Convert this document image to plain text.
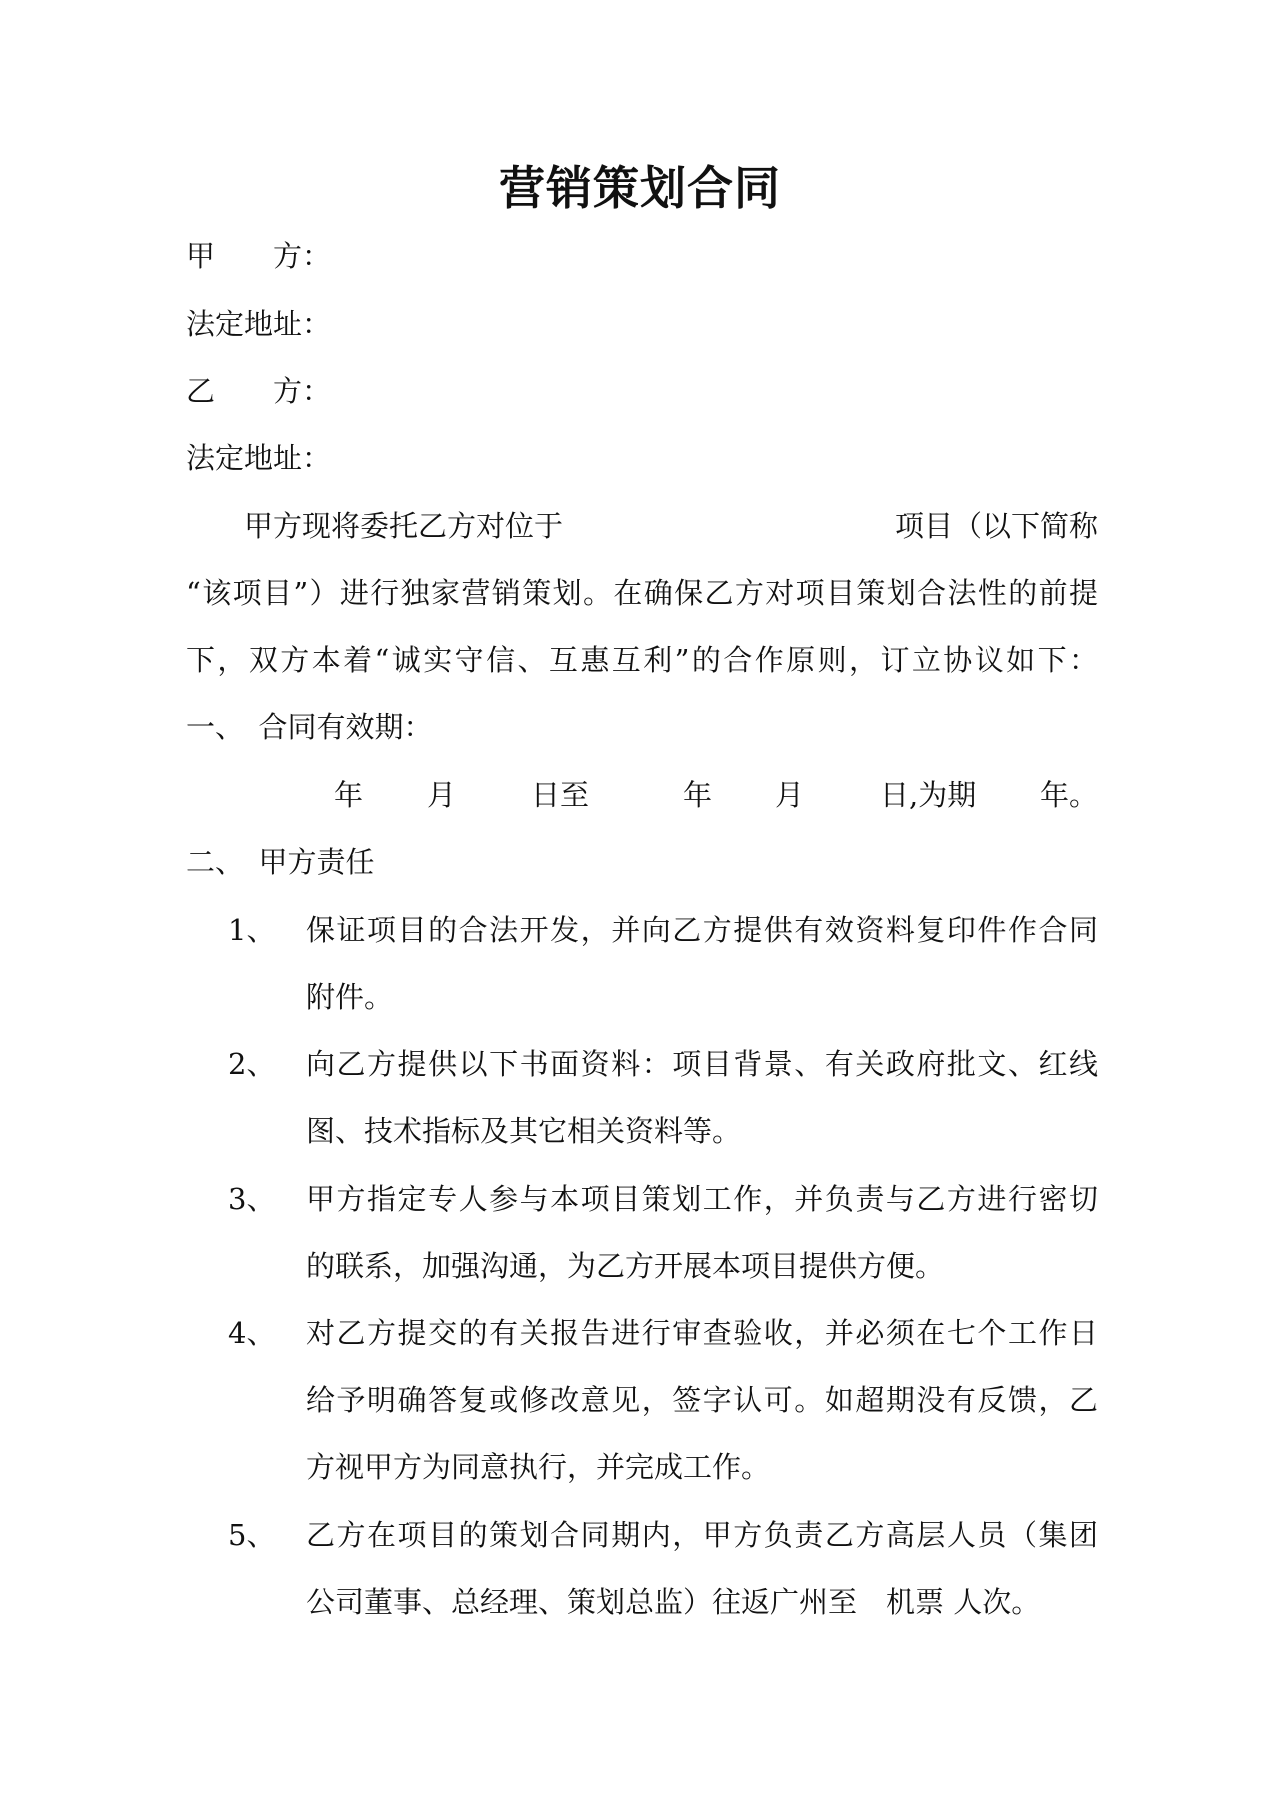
营销策划合同
甲　　方：
法定地址：
乙　　方：
法定地址：
　　甲方现将委托乙方对位于	项目（以下简称
“该项目”）进行独家营销策划。在确保乙方对项目策划合法性的前提
下，双方本着“诚实守信、互惠互利”的合作原则，订立协议如下：
一、　合同有效期：
年 月	日至	年 月	日,为期 年。
二、　甲方责任
1、 保证项目的合法开发，并向乙方提供有效资料复印件作合同
附件。
2、 向乙方提供以下书面资料：项目背景、有关政府批文、红线
图、技术指标及其它相关资料等。
3、 甲方指定专人参与本项目策划工作，并负责与乙方进行密切
的联系，加强沟通，为乙方开展本项目提供方便。
4、 对乙方提交的有关报告进行审查验收，并必须在七个工作日
给予明确答复或修改意见，签字认可。如超期没有反馈，乙
方视甲方为同意执行，并完成工作。
5、 乙方在项目的策划合同期内，甲方负责乙方高层人员（集团
公司董事、总经理、策划总监）往返广州至　机票 人次。
